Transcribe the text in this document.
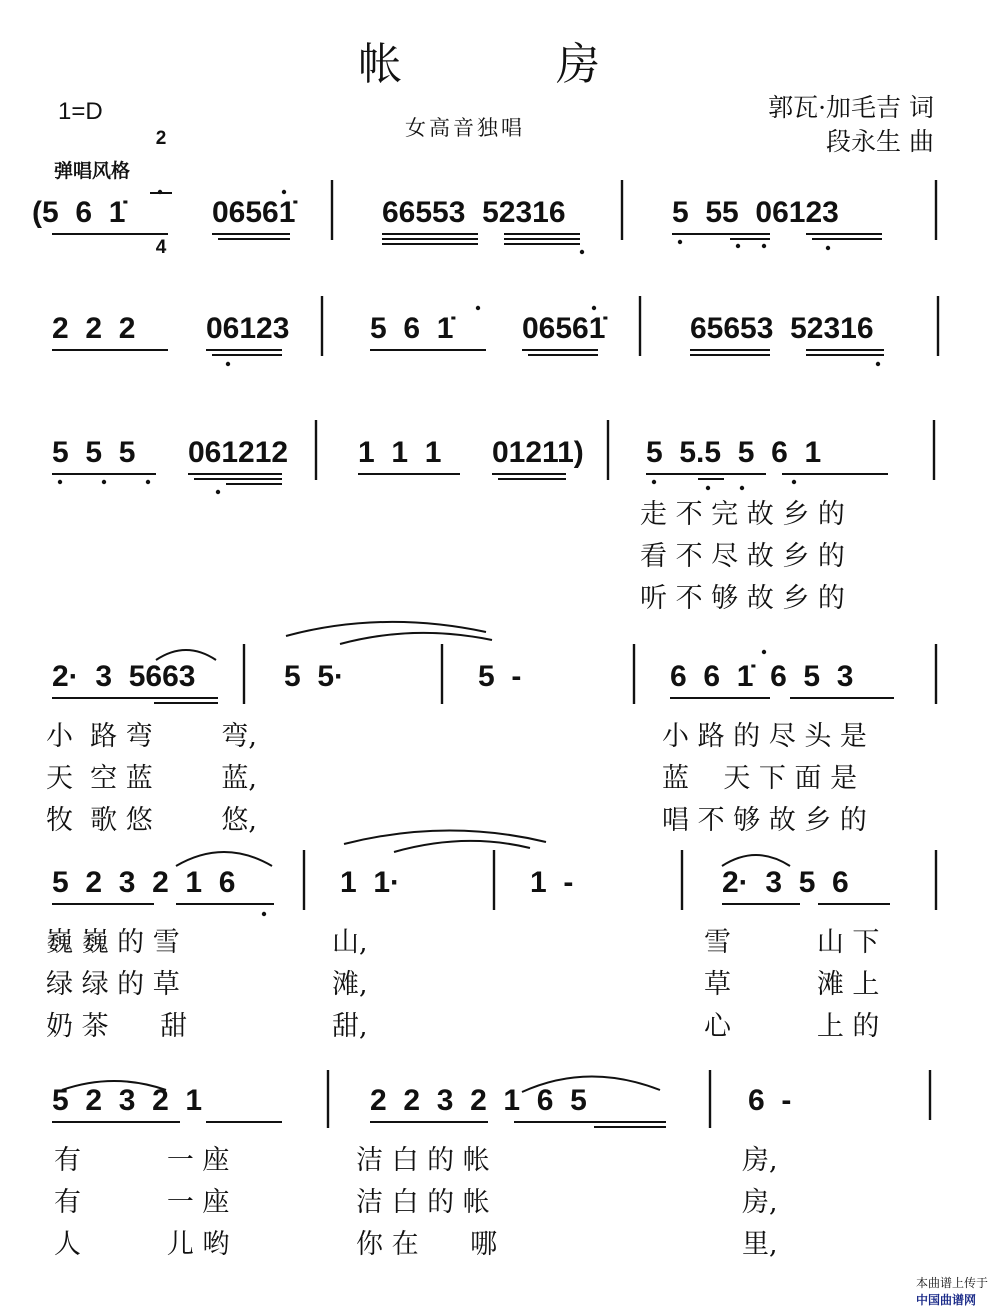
帐  房
1=D

2

4

女高音独唱
郭瓦·加毛吉 词
段永生 曲
弹唱风格
(5  6  1̇	06561̇	66553  52316	5  55  06123
2  2  2 06123	5  6  1̇ 06561̇	65653  52316
5  5  5 061212 1  1  1 01211) 5  5.5  5  6  1
走 不 完 故 乡 的
看 不 尽 故 乡 的
听 不 够 故 乡 的
2·  3  5663	5  5·	5  -	6  6  1̇  6  5  3
小  路 弯        弯,
天  空 蓝        蓝,
牧  歌 悠        悠,
小 路 的 尽 头 是
蓝    天 下 面 是
唱 不 够 故 乡 的
5  2  3  2  1  6	1  1·	1  -	2·  3  5  6
巍 巍 的 雪
绿 绿 的 草
奶 茶      甜
山,
滩,
甜,
雪          山 下
草          滩 上
心          上 的
5  2  3  2  1	2  2  3  2  1  6  5	6  -
有          一 座
有          一 座
人          儿 哟
洁 白 的 帐
洁 白 的 帐
你 在      哪
房,
房,
里,

本曲谱上传于
中国曲谱网
